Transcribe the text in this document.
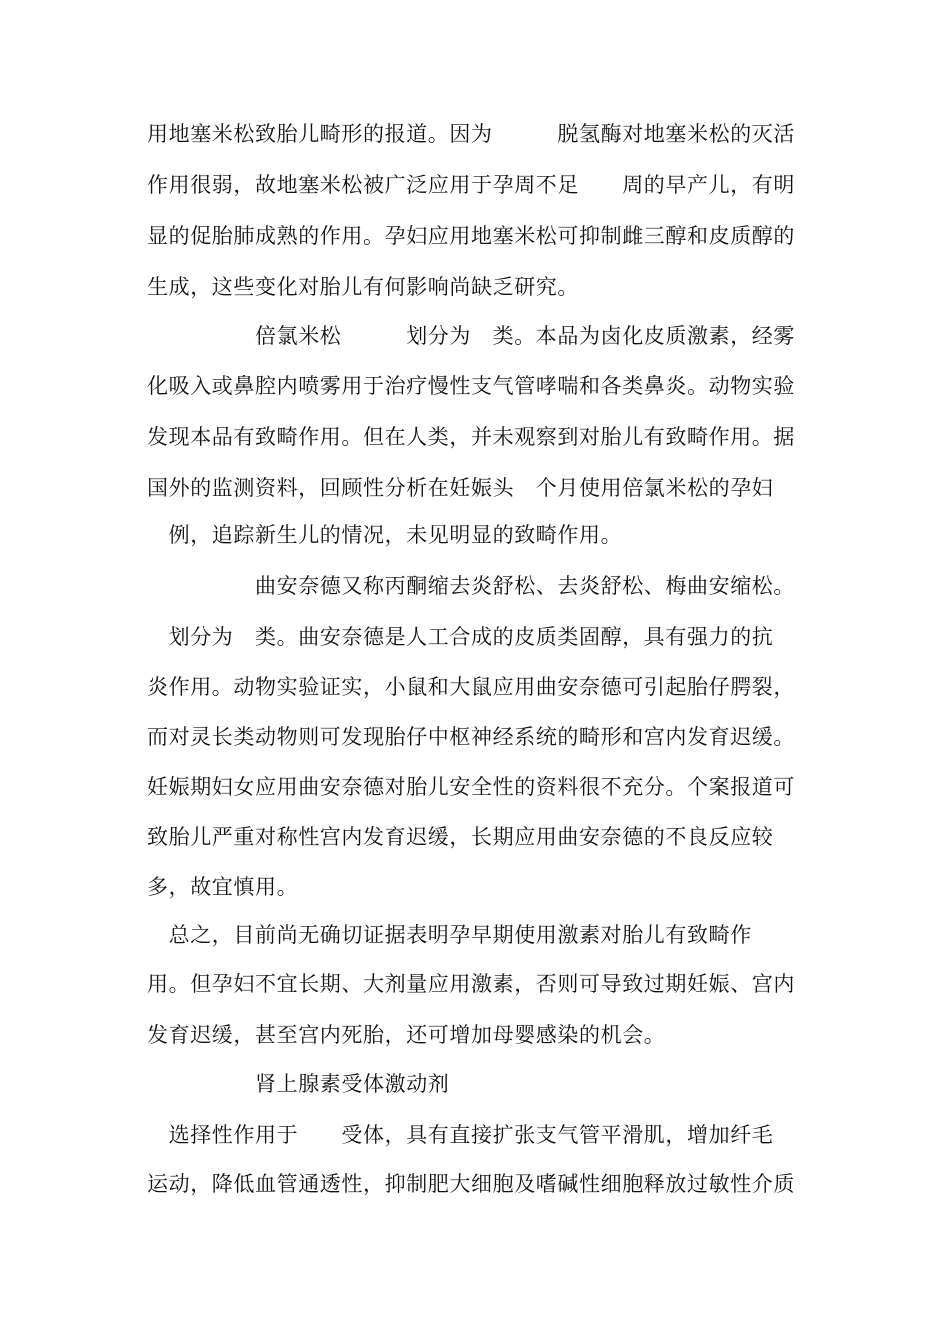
用地塞米松致胎儿畸形的报道。因为　　　脱氢酶对地塞米松的灭活
作用很弱，故地塞米松被广泛应用于孕周不足　　周的早产儿，有明
显的促胎肺成熟的作用。孕妇应用地塞米松可抑制雌三醇和皮质醇的
生成，这些变化对胎儿有何影响尚缺乏研究。
　　　　　倍氯米松　　　划分为　类。本品为卤化皮质激素，经雾
化吸入或鼻腔内喷雾用于治疗慢性支气管哮喘和各类鼻炎。动物实验
发现本品有致畸作用。但在人类，并未观察到对胎儿有致畸作用。据
国外的监测资料，回顾性分析在妊娠头　个月使用倍氯米松的孕妇
　例，追踪新生儿的情况，未见明显的致畸作用。
　　　　　曲安奈德又称丙酮缩去炎舒松、去炎舒松、梅曲安缩松。
　划分为　类。曲安奈德是人工合成的皮质类固醇，具有强力的抗
炎作用。动物实验证实，小鼠和大鼠应用曲安奈德可引起胎仔腭裂，
而对灵长类动物则可发现胎仔中枢神经系统的畸形和宫内发育迟缓。
妊娠期妇女应用曲安奈德对胎儿安全性的资料很不充分。个案报道可
致胎儿严重对称性宫内发育迟缓，长期应用曲安奈德的不良反应较
多，故宜慎用。
　总之，目前尚无确切证据表明孕早期使用激素对胎儿有致畸作
用。但孕妇不宜长期、大剂量应用激素，否则可导致过期妊娠、宫内
发育迟缓，甚至宫内死胎，还可增加母婴感染的机会。
　　　　　肾上腺素受体激动剂
　选择性作用于　　受体，具有直接扩张支气管平滑肌，增加纤毛
运动，降低血管通透性，抑制肥大细胞及嗜碱性细胞释放过敏性介质
